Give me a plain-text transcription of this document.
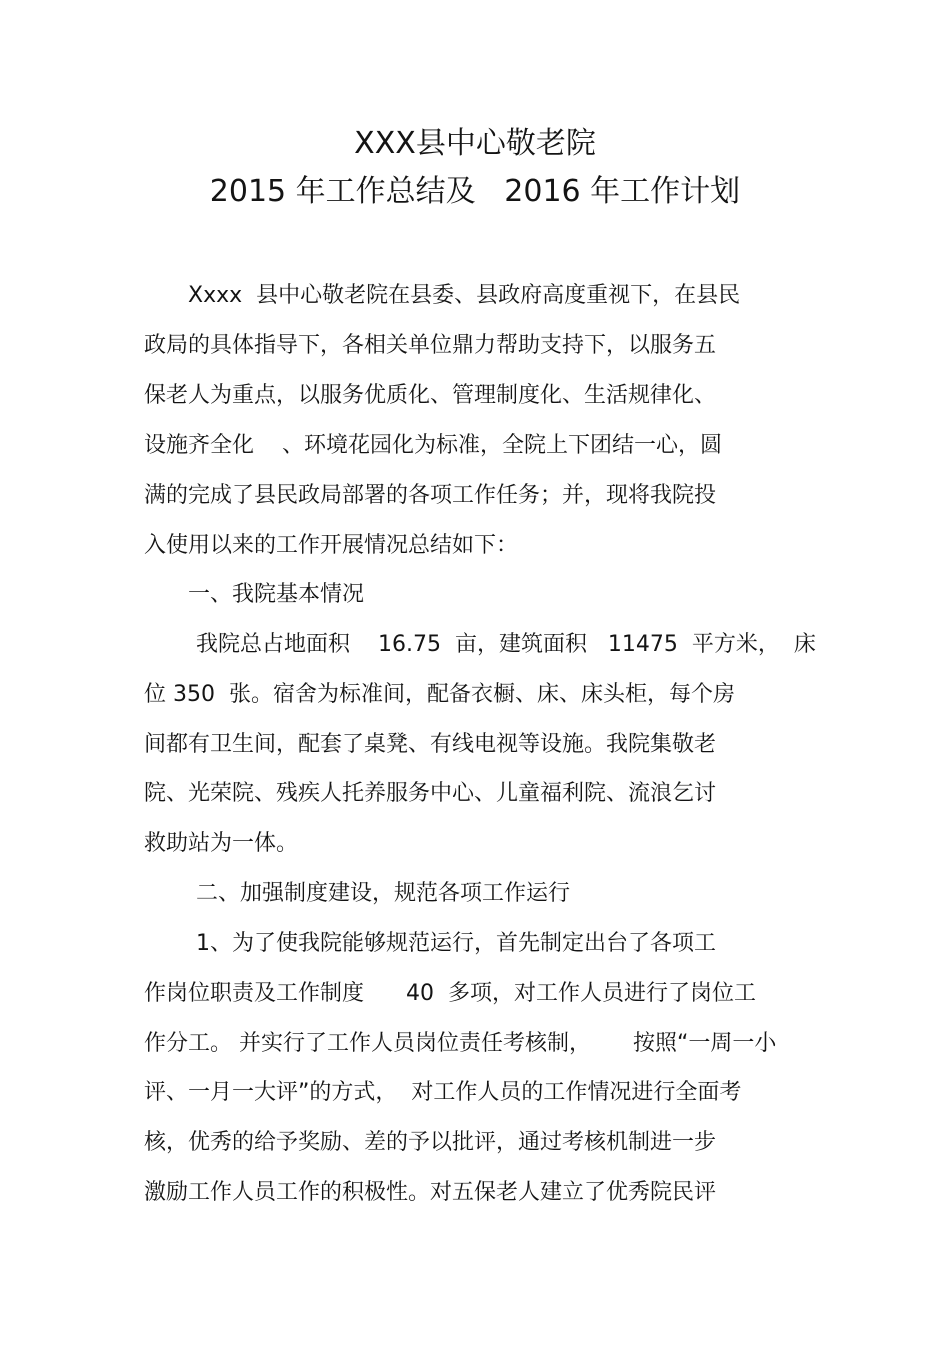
XXX县中心敬老院
2015 年工作总结及   2016 年工作计划
Xxxx  县中心敬老院在县委、县政府高度重视下，在县民
政局的具体指导下，各相关单位鼎力帮助支持下，以服务五
保老人为重点，以服务优质化、管理制度化、生活规律化、
设施齐全化    、环境花园化为标准，全院上下团结一心，圆
满的完成了县民政局部署的各项工作任务；并，现将我院投
入使用以来的工作开展情况总结如下：
一、我院基本情况
我院总占地面积    16.75  亩，建筑面积   11475  平方米，  床
位 350  张。宿舍为标准间，配备衣橱、床、床头柜，每个房
间都有卫生间，配套了桌凳、有线电视等设施。我院集敬老
院、光荣院、残疾人托养服务中心、儿童福利院、流浪乞讨
救助站为一体。
二、加强制度建设，规范各项工作运行
1、为了使我院能够规范运行，首先制定出台了各项工
作岗位职责及工作制度      40  多项，对工作人员进行了岗位工
作分工。 并实行了工作人员岗位责任考核制，      按照“一周一小
评、一月一大评”的方式，  对工作人员的工作情况进行全面考
核，优秀的给予奖励、差的予以批评，通过考核机制进一步
激励工作人员工作的积极性。对五保老人建立了优秀院民评
